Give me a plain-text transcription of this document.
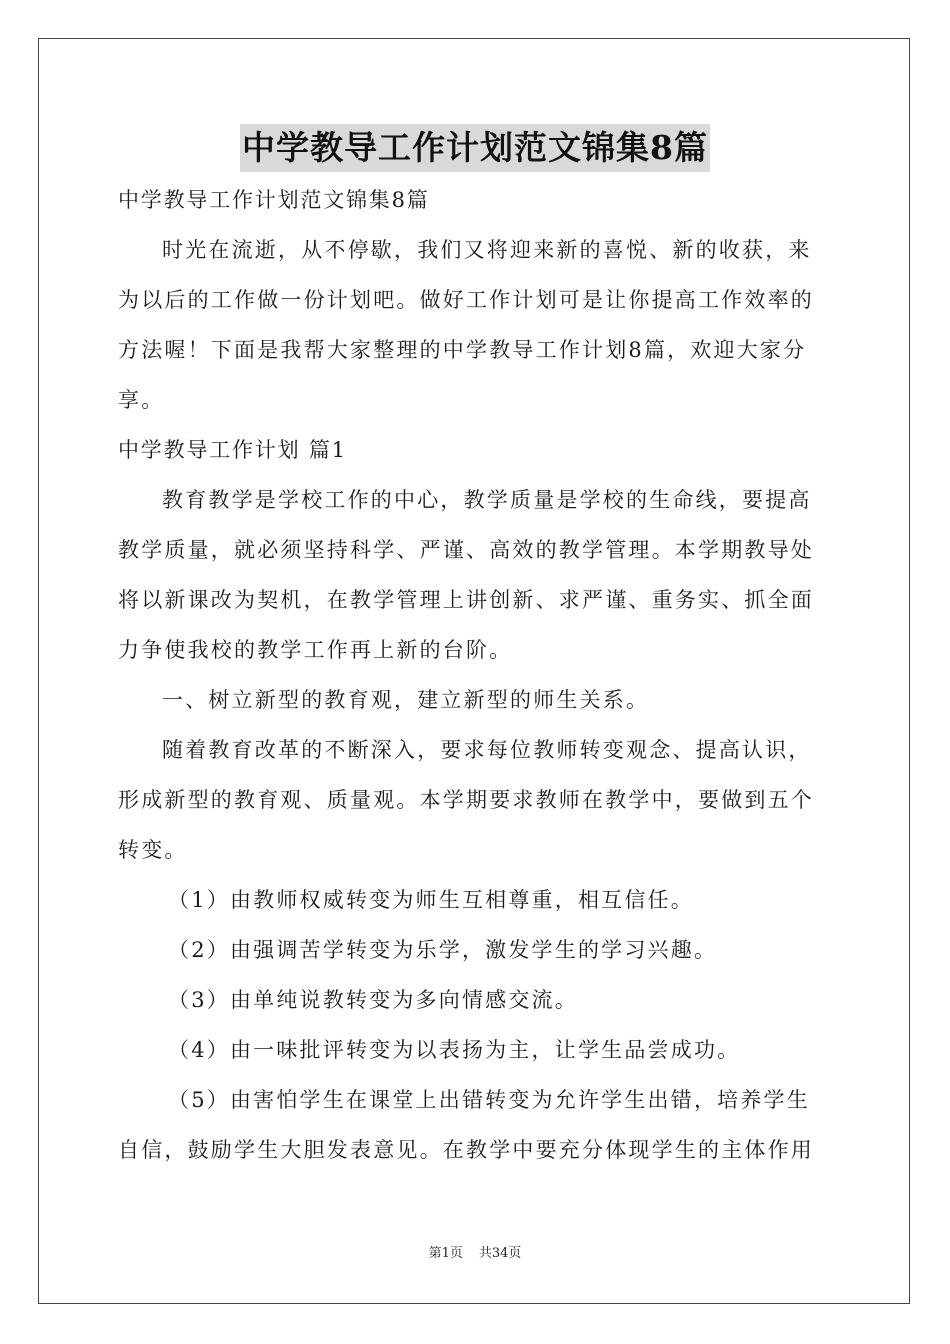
中学教导工作计划范文锦集8篇
中学教导工作计划范文锦集8篇
时光在流逝，从不停歇，我们又将迎来新的喜悦、新的收获，来
为以后的工作做一份计划吧。做好工作计划可是让你提高工作效率的
方法喔！下面是我帮大家整理的中学教导工作计划8篇，欢迎大家分
享。
中学教导工作计划 篇1
教育教学是学校工作的中心，教学质量是学校的生命线，要提高
教学质量，就必须坚持科学、严谨、高效的教学管理。本学期教导处
将以新课改为契机，在教学管理上讲创新、求严谨、重务实、抓全面
力争使我校的教学工作再上新的台阶。
一、树立新型的教育观，建立新型的师生关系。
随着教育改革的不断深入，要求每位教师转变观念、提高认识，
形成新型的教育观、质量观。本学期要求教师在教学中，要做到五个
转变。
（1）由教师权威转变为师生互相尊重，相互信任。
（2）由强调苦学转变为乐学，激发学生的学习兴趣。
（3）由单纯说教转变为多向情感交流。
（4）由一味批评转变为以表扬为主，让学生品尝成功。
（5）由害怕学生在课堂上出错转变为允许学生出错，培养学生
自信，鼓励学生大胆发表意见。在教学中要充分体现学生的主体作用
第1页 共34页
